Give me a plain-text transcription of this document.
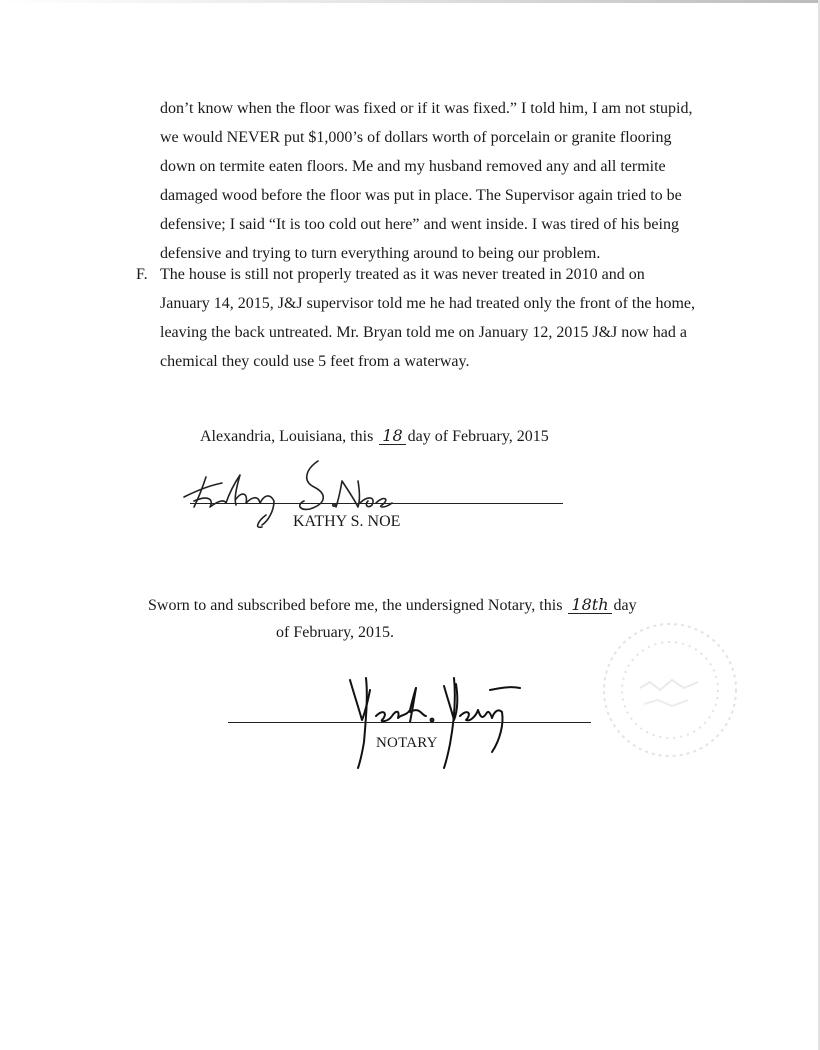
don’t know when the floor was fixed or if it was fixed.” I told him, I am not stupid,
we would NEVER put $1,000’s of dollars worth of porcelain or granite flooring
down on termite eaten floors. Me and my husband removed any and all termite
damaged wood before the floor was put in place. The Supervisor again tried to be
defensive; I said “It is too cold out here” and went inside. I was tired of his being
defensive and trying to turn everything around to being our problem.
F. The house is still not properly treated as it was never treated in 2010 and on
January 14, 2015, J&J supervisor told me he had treated only the front of the home,
leaving the back untreated. Mr. Bryan told me on January 12, 2015 J&J now had a
chemical they could use 5 feet from a waterway.
Alexandria, Louisiana, this 18 day of February, 2015
KATHY S. NOE
Sworn to and subscribed before me, the undersigned Notary, this 18th day
of February, 2015.
NOTARY
